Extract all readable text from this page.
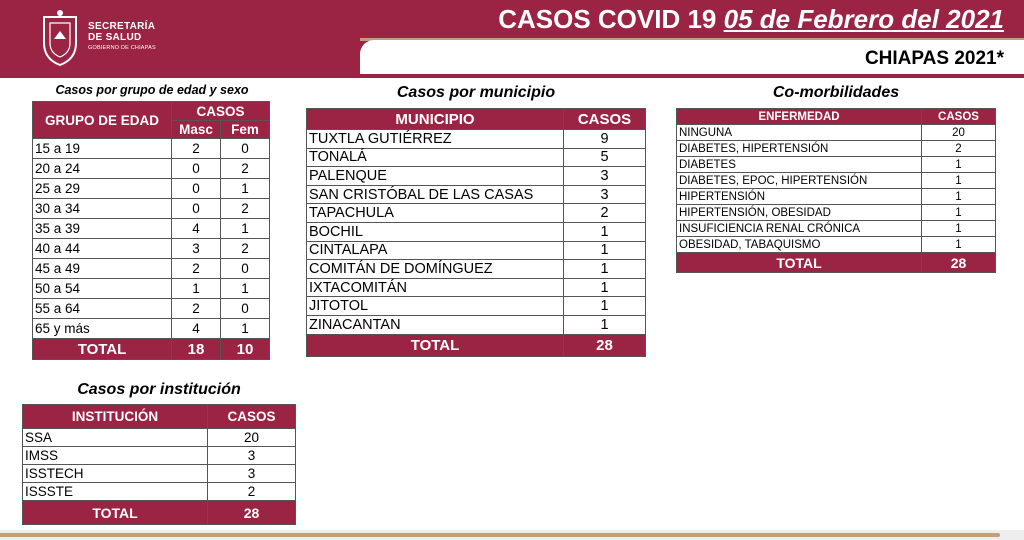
SECRETARÍA
DE SALUD
GOBIERNO DE CHIAPAS
CASOS COVID 19 05 de Febrero del 2021
CHIAPAS 2021*
Casos por grupo de edad y sexo
GRUPO DE EDAD	CASOS	
	Masc	Fem
15 a 19	2	0
20 a 24	0	2
25 a 29	0	1
30 a 34	0	2
35 a 39	4	1
40 a 44	3	2
45 a 49	2	0
50 a 54	1	1
55 a 64	2	0
65 y más	4	1
TOTAL	18	10
Casos por municipio
MUNICIPIO	CASOS
TUXTLA GUTIÉRREZ	9
TONALÁ	5
PALENQUE	3
SAN CRISTÓBAL DE LAS CASAS	3
TAPACHULA	2
BOCHIL	1
CINTALAPA	1
COMITÁN DE DOMÍNGUEZ	1
IXTACOMITÁN	1
JITOTOL	1
ZINACANTAN	1
TOTAL	28
Co-morbilidades
ENFERMEDAD	CASOS
NINGUNA	20
DIABETES, HIPERTENSIÓN	2
DIABETES	1
DIABETES, EPOC, HIPERTENSIÓN	1
HIPERTENSIÓN	1
HIPERTENSIÓN, OBESIDAD	1
INSUFICIENCIA RENAL CRÓNICA	1
OBESIDAD, TABAQUISMO	1
TOTAL	28
Casos por institución
INSTITUCIÓN	CASOS
SSA	20
IMSS	3
ISSTECH	3
ISSSTE	2
TOTAL	28
